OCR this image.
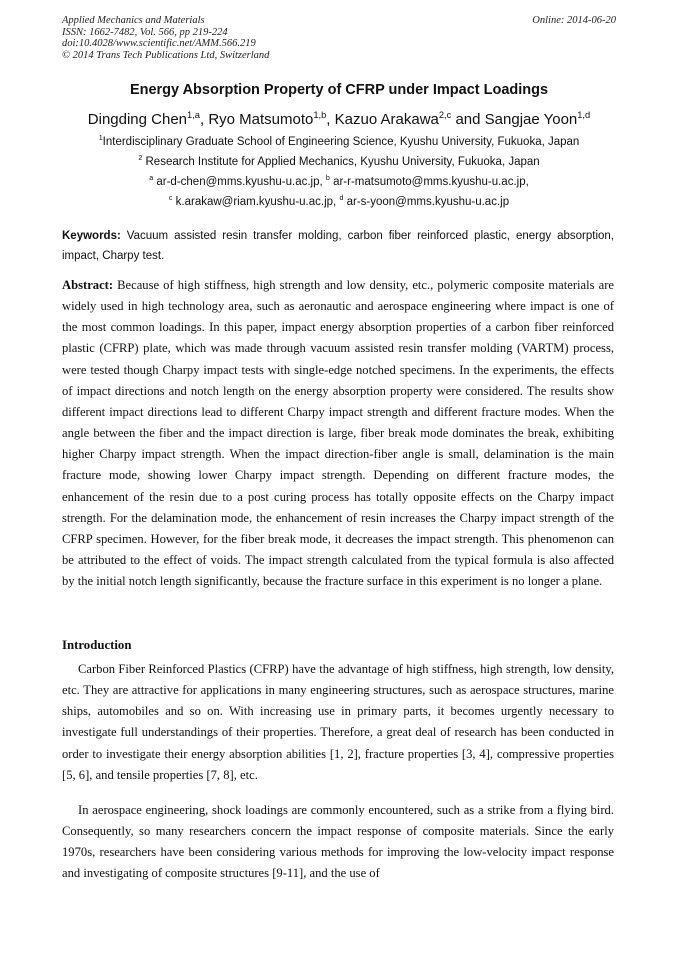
Applied Mechanics and Materials
ISSN: 1662-7482, Vol. 566, pp 219-224
doi:10.4028/www.scientific.net/AMM.566.219
© 2014 Trans Tech Publications Ltd, Switzerland
Online: 2014-06-20
Energy Absorption Property of CFRP under Impact Loadings
Dingding Chen$^{1,a}$, Ryo Matsumoto$^{1,b}$, Kazuo Arakawa$^{2,c}$ and Sangjae Yoon$^{1,d}$
$^1$Interdisciplinary Graduate School of Engineering Science, Kyushu University, Fukuoka, Japan
$^2$ Research Institute for Applied Mechanics, Kyushu University, Fukuoka, Japan
$^a$ ar-d-chen@mms.kyushu-u.ac.jp, $^b$ ar-r-matsumoto@mms.kyushu-u.ac.jp,
$^c$ k.arakaw@riam.kyushu-u.ac.jp, $^d$ ar-s-yoon@mms.kyushu-u.ac.jp
Keywords: Vacuum assisted resin transfer molding, carbon fiber reinforced plastic, energy absorption, impact, Charpy test.
Abstract: Because of high stiffness, high strength and low density, etc., polymeric composite materials are widely used in high technology area, such as aeronautic and aerospace engineering where impact is one of the most common loadings. In this paper, impact energy absorption properties of a carbon fiber reinforced plastic (CFRP) plate, which was made through vacuum assisted resin transfer molding (VARTM) process, were tested though Charpy impact tests with single-edge notched specimens. In the experiments, the effects of impact directions and notch length on the energy absorption property were considered. The results show different impact directions lead to different Charpy impact strength and different fracture modes. When the angle between the fiber and the impact direction is large, fiber break mode dominates the break, exhibiting higher Charpy impact strength. When the impact direction-fiber angle is small, delamination is the main fracture mode, showing lower Charpy impact strength. Depending on different fracture modes, the enhancement of the resin due to a post curing process has totally opposite effects on the Charpy impact strength. For the delamination mode, the enhancement of resin increases the Charpy impact strength of the CFRP specimen. However, for the fiber break mode, it decreases the impact strength. This phenomenon can be attributed to the effect of voids. The impact strength calculated from the typical formula is also affected by the initial notch length significantly, because the fracture surface in this experiment is no longer a plane.
Introduction
Carbon Fiber Reinforced Plastics (CFRP) have the advantage of high stiffness, high strength, low density, etc. They are attractive for applications in many engineering structures, such as aerospace structures, marine ships, automobiles and so on. With increasing use in primary parts, it becomes urgently necessary to investigate full understandings of their properties. Therefore, a great deal of research has been conducted in order to investigate their energy absorption abilities [1, 2], fracture properties [3, 4], compressive properties [5, 6], and tensile properties [7, 8], etc.
In aerospace engineering, shock loadings are commonly encountered, such as a strike from a flying bird. Consequently, so many researchers concern the impact response of composite materials. Since the early 1970s, researchers have been considering various methods for improving the low-velocity impact response and investigating of composite structures [9-11], and the use of
